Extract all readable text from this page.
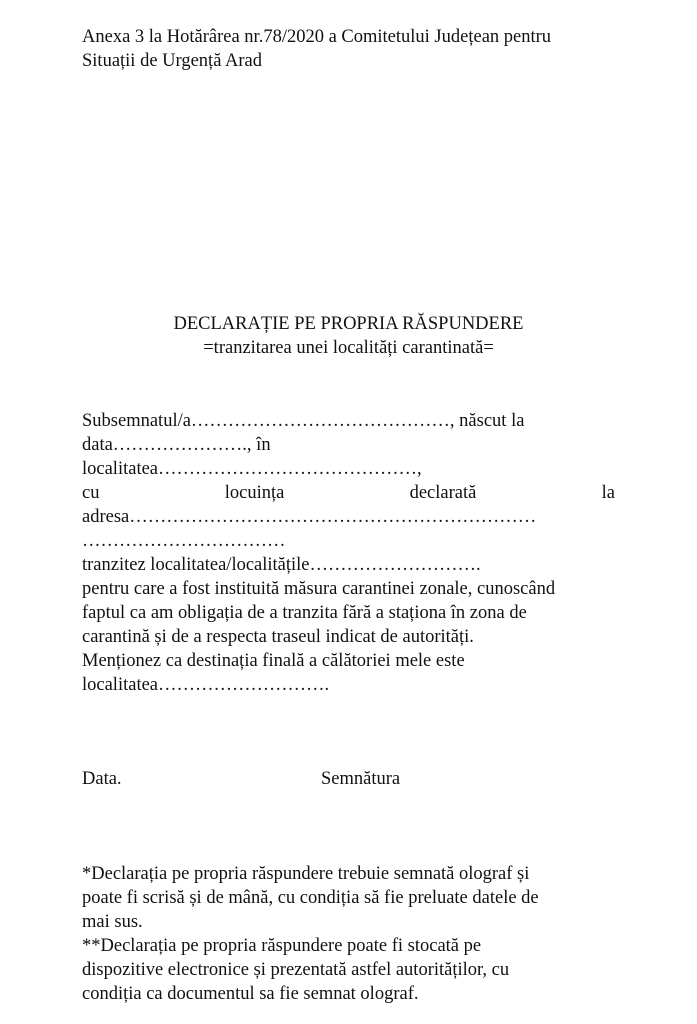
Anexa 3 la Hotărârea nr.78/2020 a Comitetului Județean pentru
Situații de Urgență Arad
DECLARAȚIE PE PROPRIA RĂSPUNDERE
=tranzitarea unei localități carantinată=
Subsemnatul/a……………………………………, născut la
data…………………., în
localitatea……………………………………,
cu	locuința	declarată	la
adresa…………………………………………………………
……………………………
tranzitez localitatea/localitățile……………………….
pentru care a fost instituită măsura carantinei zonale, cunoscând
faptul ca am obligația de a tranzita fără a staționa în zona de
carantină și de a respecta traseul indicat de autorități.
Menționez ca destinația finală a călătoriei mele este
localitatea……………………….
Data.	Semnătura
*Declarația pe propria răspundere trebuie semnată olograf și
poate fi scrisă și de mână, cu condiția să fie preluate datele de
mai sus.
**Declarația pe propria răspundere poate fi stocată pe
dispozitive electronice și prezentată astfel autorităților, cu
condiția ca documentul sa fie semnat olograf.
